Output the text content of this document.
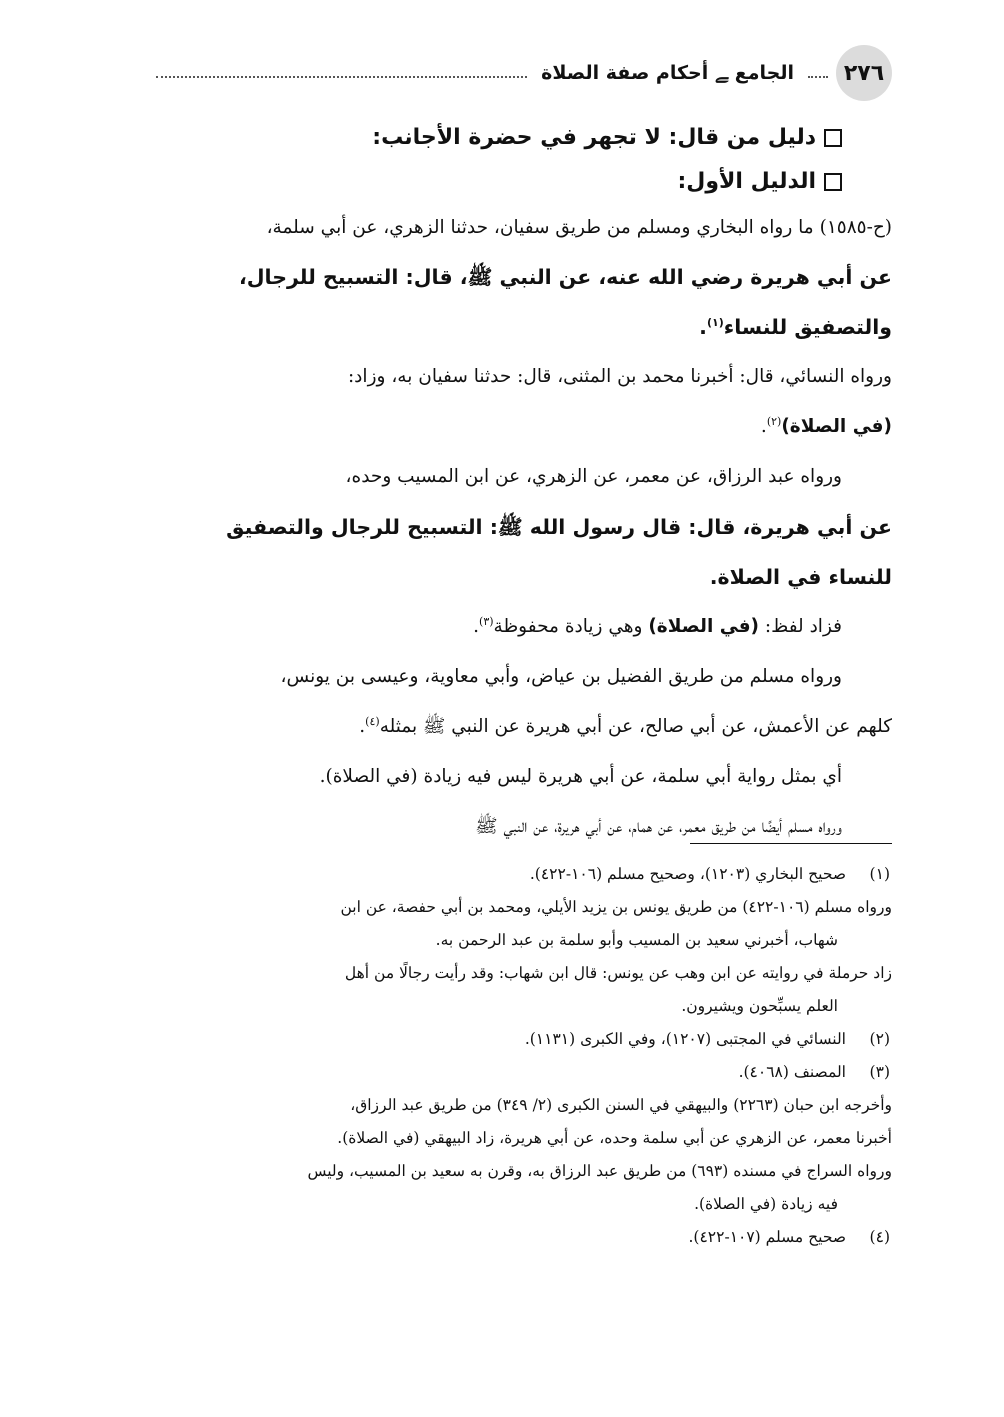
٢٧٦
الجامع ﮯ أحكام صفة الصلاة
دليل من قال: لا تجهر في حضرة الأجانب:
الدليل الأول:
(ح-١٥٨٥) ما رواه البخاري ومسلم من طريق سفيان، حدثنا الزهري، عن أبي سلمة،
عن أبي هريرة رضي الله عنه، عن النبي ﷺ، قال: التسبيح للرجال،
والتصفيق للنساء$^{(١)}$.
ورواه النسائي، قال: أخبرنا محمد بن المثنى، قال: حدثنا سفيان به، وزاد:
(في الصلاة)$^{(٢)}$.
ورواه عبد الرزاق، عن معمر، عن الزهري، عن ابن المسيب وحده،
عن أبي هريرة، قال: قال رسول الله ﷺ: التسبيح للرجال والتصفيق
للنساء في الصلاة.
فزاد لفظ: (في الصلاة) وهي زيادة محفوظة$^{(٣)}$.
ورواه مسلم من طريق الفضيل بن عياض، وأبي معاوية، وعيسى بن يونس،
كلهم عن الأعمش، عن أبي صالح، عن أبي هريرة عن النبي ﷺ بمثله$^{(٤)}$.
أي بمثل رواية أبي سلمة، عن أبي هريرة ليس فيه زيادة (في الصلاة).
ورواه مسلم أيضًا من طريق معمر، عن همام، عن أبي هريرة، عن النبي ﷺ
(١)صحيح البخاري (١٢٠٣)، وصحيح مسلم (١٠٦-٤٢٢).
ورواه مسلم (١٠٦-٤٢٢) من طريق يونس بن يزيد الأيلي، ومحمد بن أبي حفصة، عن ابن
شهاب، أخبرني سعيد بن المسيب وأبو سلمة بن عبد الرحمن به.
زاد حرملة في روايته عن ابن وهب عن يونس: قال ابن شهاب: وقد رأيت رجالًا من أهل
العلم يسبِّحون ويشيرون.
(٢)النسائي في المجتبى (١٢٠٧)، وفي الكبرى (١١٣١).
(٣)المصنف (٤٠٦٨).
وأخرجه ابن حبان (٢٢٦٣) والبيهقي في السنن الكبرى (٢/ ٣٤٩) من طريق عبد الرزاق،
أخبرنا معمر، عن الزهري عن أبي سلمة وحده، عن أبي هريرة، زاد البيهقي (في الصلاة).
ورواه السراج في مسنده (٦٩٣) من طريق عبد الرزاق به، وقرن به سعيد بن المسيب، وليس
فيه زيادة (في الصلاة).
(٤)صحيح مسلم (١٠٧-٤٢٢).
